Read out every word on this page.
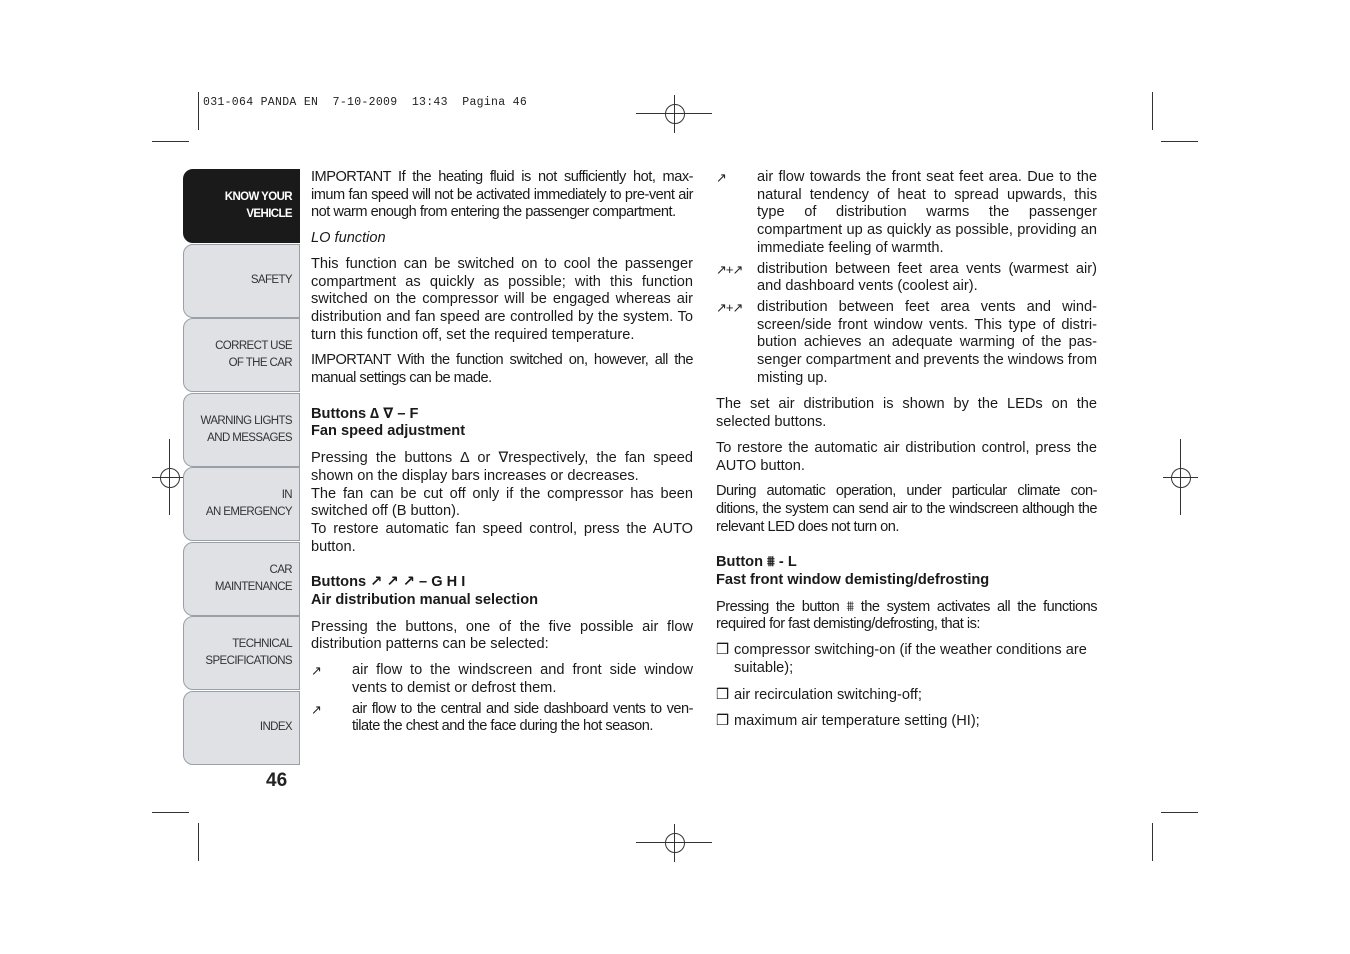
031-064 PANDA EN  7-10-2009  13:43  Pagina 46
KNOW YOUR
VEHICLE
SAFETY
CORRECT USE
OF THE CAR
WARNING LIGHTS
AND MESSAGES
IN
AN EMERGENCY
CAR
MAINTENANCE
TECHNICAL
SPECIFICATIONS
INDEX
46

IMPORTANT If the heating fluid is not sufficiently hot, max-imum fan speed will not be activated immediately to pre-vent air not warm enough from entering the passenger compartment.

LO function

This function can be switched on to cool the passenger compartment as quickly as possible; with this function switched on the compressor will be engaged whereas air distribution and fan speed are controlled by the system. To turn this function off, set the required temperature.

IMPORTANT With the function switched on, however, all the manual settings can be made.

Buttons ∆ ∇ – F
Fan speed adjustment

Pressing the buttons ∆ or ∇respectively, the fan speed shown on the display bars increases or decreases.

The fan can be cut off only if the compressor has been switched off (B button).

To restore automatic fan speed control, press the AUTO button.

Buttons ↗ ↗ ↗ – G H I
Air distribution manual selection

Pressing the buttons, one of the five possible air flow distribution patterns can be selected:

↗	air flow to the windscreen and front side window vents to demist or defrost them.
↗	air flow to the central and side dashboard vents to ven-tilate the chest and the face during the hot season.
↗	air flow towards the front seat feet area. Due to the natural tendency of heat to spread upwards, this type of distribution warms the passenger compartment up as quickly as possible, providing an immediate feeling of warmth.
↗+↗	distribution between feet area vents (warmest air) and dashboard vents (coolest air).
↗+↗	distribution between feet area vents and wind-screen/side front window vents. This type of distri-bution achieves an adequate warming of the pas-senger compartment and prevents the windows from misting up.

The set air distribution is shown by the LEDs on the selected buttons.

To restore the automatic air distribution control, press the AUTO button.

During automatic operation, under particular climate con-ditions, the system can send air to the windscreen although the relevant LED does not turn on.

Button ⩩ - L
Fast front window demisting/defrosting

Pressing the button ⩩ the system activates all the functions required for fast demisting/defrosting, that is:

❒ compressor switching-on (if the weather conditions are suitable);
❒ air recirculation switching-off;
❒ maximum air temperature setting (HI);
